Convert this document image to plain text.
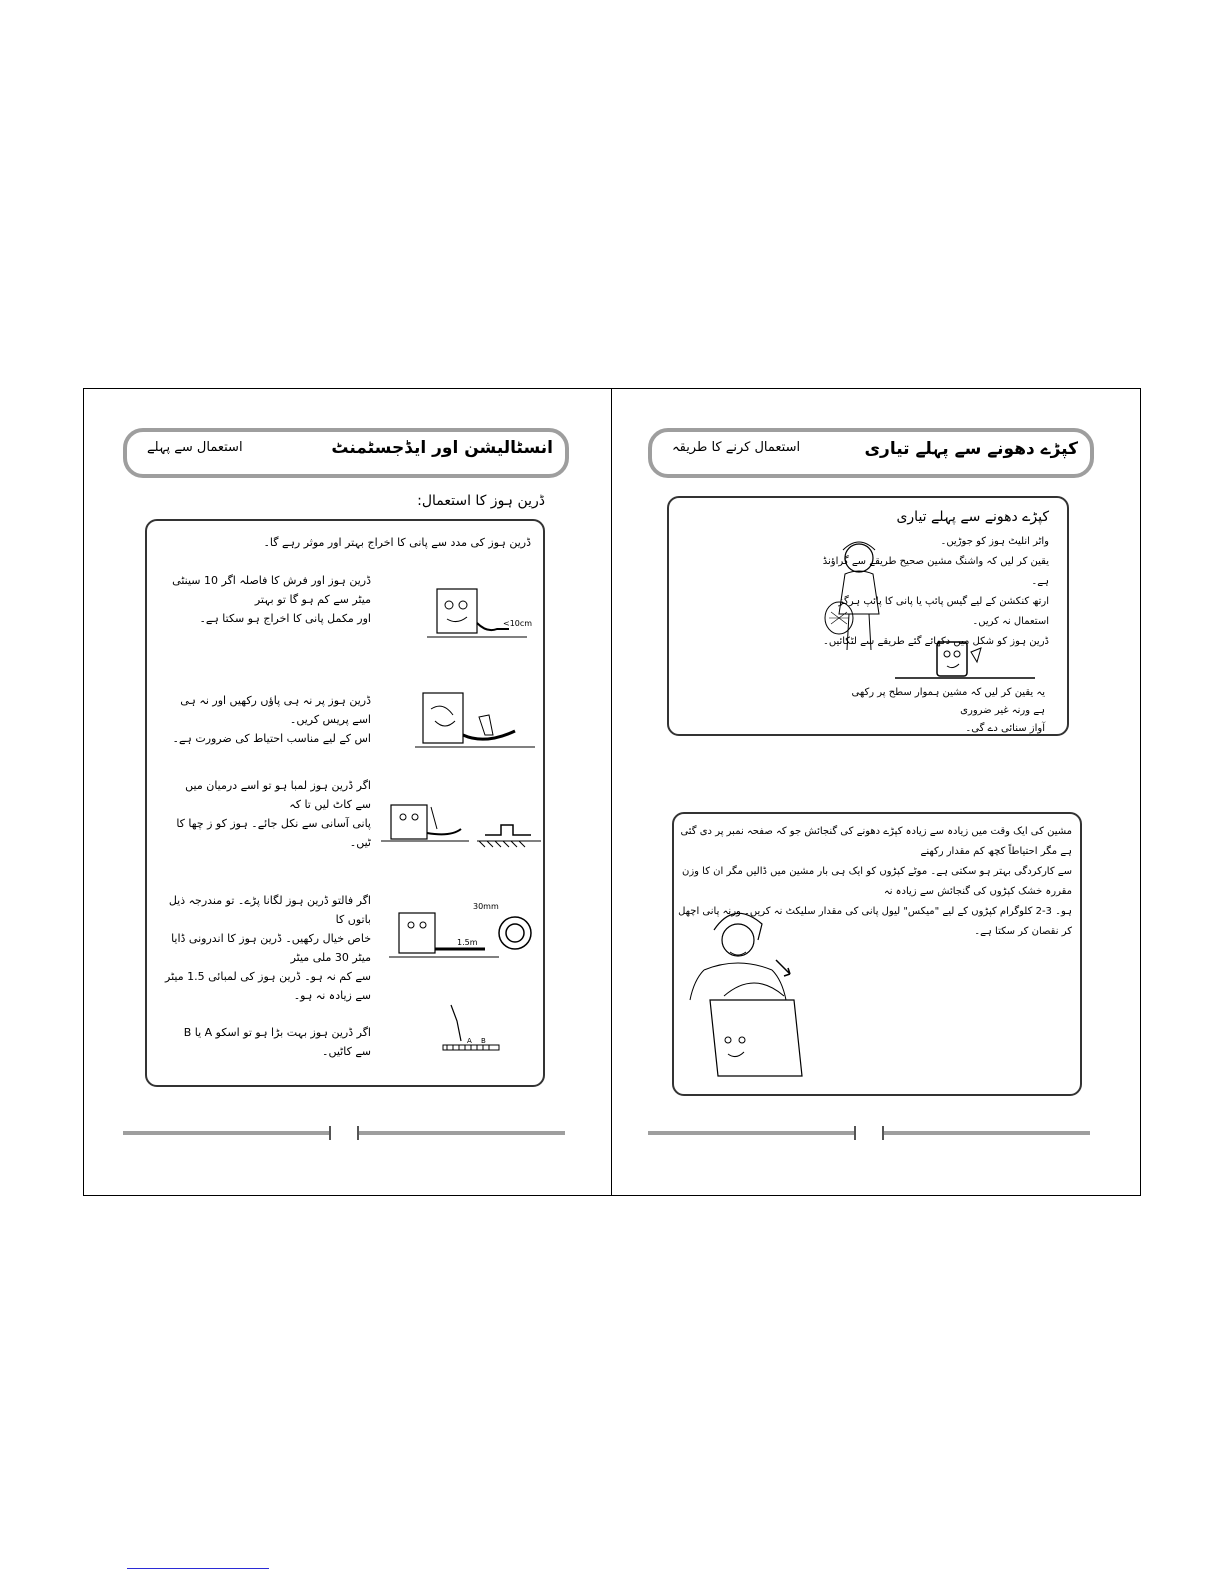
انسٹالیشن اور ایڈجسٹمنٹ
استعمال سے پہلے
ڈرین ہوز کا استعمال:
ڈرین ہوز کی مدد سے پانی کا اخراج بہتر اور موثر رہے گا۔
ڈرین ہوز اور فرش کا فاصلہ اگر 10 سینٹی میٹر سے کم ہو گا تو بہتر
اور مکمل پانی کا اخراج ہو سکتا ہے۔	<10cm
ڈرین ہوز پر نہ ہی پاؤں رکھیں اور نہ ہی اسے پریس کریں۔
اس کے لیے مناسب احتیاط کی ضرورت ہے۔
اگر ڈرین ہوز لمبا ہو تو اسے درمیان میں سے کاٹ لیں تا کہ
پانی آسانی سے نکل جائے۔ ہوز کو ز چھا کا ٹیں۔
اگر فالتو ڈرین ہوز لگانا پڑے۔ تو مندرجہ ذیل باتوں کا
خاص خیال رکھیں۔ ڈرین ہوز کا اندرونی ڈایا میٹر 30 ملی میٹر
سے کم نہ ہو۔ ڈرین ہوز کی لمبائی 1.5 میٹر سے زیادہ نہ ہو۔
30mm
1.5m
اگر ڈرین ہوز بہت بڑا ہو تو اسکو A یا B سے کاٹیں۔
A B
کپڑے دھونے سے پہلے تیاری
استعمال کرنے کا طریقہ
کپڑے دھونے سے پہلے تیاری
واٹر انلیٹ ہوز کو جوڑیں۔
یقین کر لیں کہ واشنگ مشین صحیح طریقے سے گراؤنڈ ہے۔
ارتھ کنکشن کے لیے گیس پائپ یا پانی کا پائپ ہرگز
استعمال نہ کریں۔
ڈرین ہوز کو شکل میں دکھائے گئے طریقے سے لٹکائیں۔
یہ یقین کر لیں کہ مشین ہموار سطح پر رکھی ہے ورنہ غیر ضروری
آواز سنائی دے گی۔
مشین کی ایک وقت میں زیادہ سے زیادہ کپڑے دھونے کی گنجائش جو کہ صفحہ نمبر پر دی گئی ہے مگر احتیاطاً کچھ کم مقدار رکھنے
سے کارکردگی بہتر ہو سکتی ہے۔ موٹے کپڑوں کو ایک ہی بار مشین میں ڈالیں مگر ان کا وزن مقررہ خشک کپڑوں کی گنجائش سے زیادہ نہ
ہو۔ 3-2 کلوگرام کپڑوں کے لیے "میکس" لیول پانی کی مقدار سلیکٹ نہ کریں۔ ورنہ پانی اچھل کر نقصان کر سکتا ہے۔
